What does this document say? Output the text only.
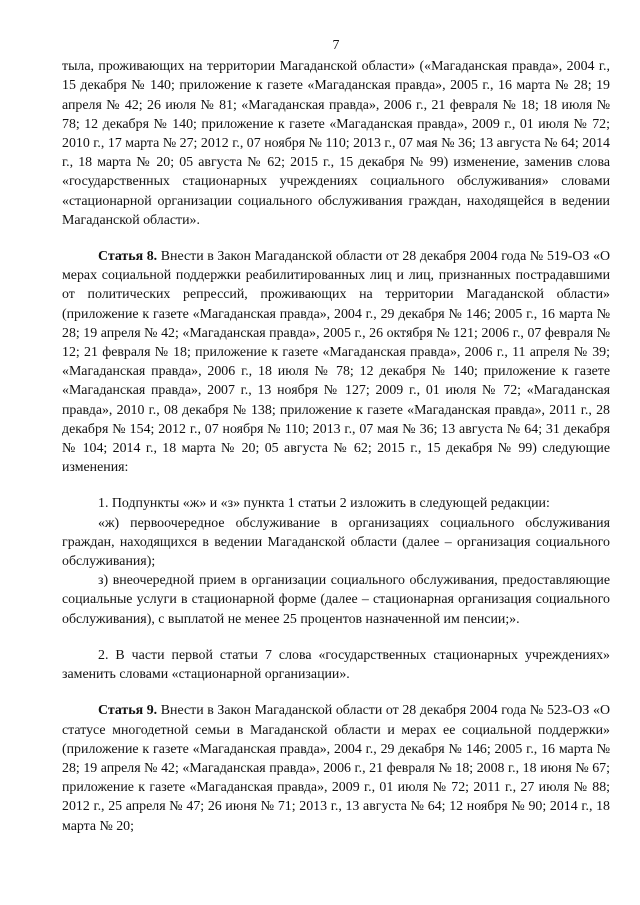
7

тыла, проживающих на территории Магаданской области» («Магаданская правда», 2004 г., 15 декабря № 140; приложение к газете «Магаданская правда», 2005 г., 16 марта № 28; 19 апреля № 42; 26 июля № 81; «Магаданская правда», 2006 г., 21 февраля № 18; 18 июля № 78; 12 декабря № 140; приложение к газете «Магаданская правда», 2009 г., 01 июля № 72; 2010 г., 17 марта № 27; 2012 г., 07 ноября № 110; 2013 г., 07 мая № 36; 13 августа № 64; 2014 г., 18 марта № 20; 05 августа № 62; 2015 г., 15 декабря № 99) изменение, заменив слова «государственных стационарных учреждениях социального обслуживания» словами «стационарной организации социального обслуживания граждан, находящейся в ведении Магаданской области».

Статья 8. Внести в Закон Магаданской области от 28 декабря 2004 года № 519-ОЗ «О мерах социальной поддержки реабилитированных лиц и лиц, признанных пострадавшими от политических репрессий, проживающих на территории Магаданской области» (приложение к газете «Магаданская правда», 2004 г., 29 декабря № 146; 2005 г., 16 марта № 28; 19 апреля № 42; «Магаданская правда», 2005 г., 26 октября № 121; 2006 г., 07 февраля № 12; 21 февраля № 18; приложение к газете «Магаданская правда», 2006 г., 11 апреля № 39; «Магаданская правда», 2006 г., 18 июля № 78; 12 декабря № 140; приложение к газете «Магаданская правда», 2007 г., 13 ноября № 127; 2009 г., 01 июля № 72; «Магаданская правда», 2010 г., 08 декабря № 138; приложение к газете «Магаданская правда», 2011 г., 28 декабря № 154; 2012 г., 07 ноября № 110; 2013 г., 07 мая № 36; 13 августа № 64; 31 декабря № 104; 2014 г., 18 марта № 20; 05 августа № 62; 2015 г., 15 декабря № 99) следующие изменения:

1. Подпункты «ж» и «з» пункта 1 статьи 2 изложить в следующей редакции:

«ж) первоочередное обслуживание в организациях социального обслуживания граждан, находящихся в ведении Магаданской области (далее – организация социального обслуживания);

з) внеочередной прием в организации социального обслуживания, предоставляющие социальные услуги в стационарной форме (далее – стационарная организация социального обслуживания), с выплатой не менее 25 процентов назначенной им пенсии;».

2. В части первой статьи 7 слова «государственных стационарных учреждениях» заменить словами «стационарной организации».

Статья 9. Внести в Закон Магаданской области от 28 декабря 2004 года № 523-ОЗ «О статусе многодетной семьи в Магаданской области и мерах ее социальной поддержки» (приложение к газете «Магаданская правда», 2004 г., 29 декабря № 146; 2005 г., 16 марта № 28; 19 апреля № 42; «Магаданская правда», 2006 г., 21 февраля № 18; 2008 г., 18 июня № 67; приложение к газете «Магаданская правда», 2009 г., 01 июля № 72; 2011 г., 27 июля № 88; 2012 г., 25 апреля № 47; 26 июня № 71; 2013 г., 13 августа № 64; 12 ноября № 90; 2014 г., 18 марта № 20;
